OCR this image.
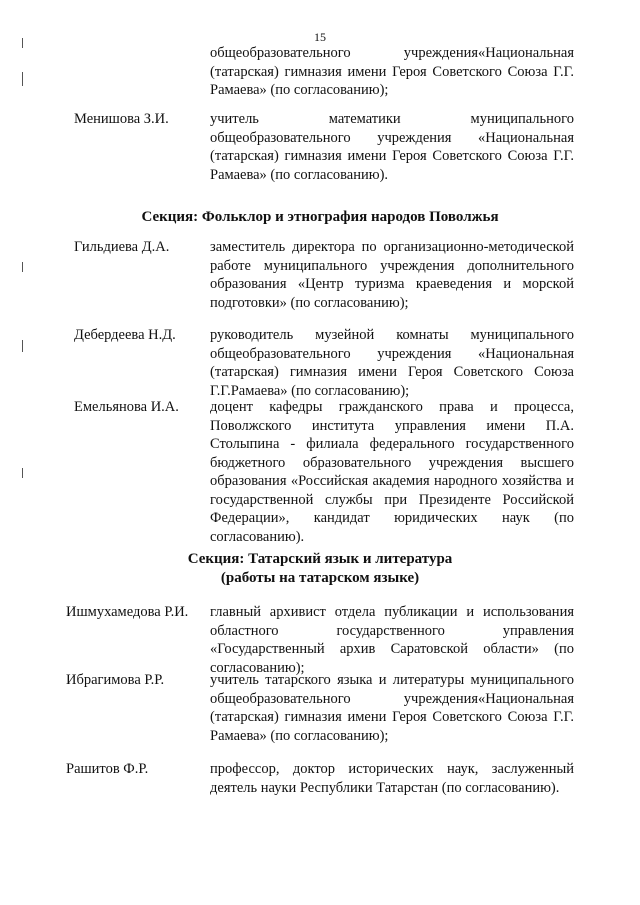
15
общеобразовательного учреждения«Национальная (татарская) гимназия имени Героя Советского Союза Г.Г. Рамаева» (по согласованию);
Менишова З.И.	учитель математики муниципального общеобразовательного учреждения «Национальная (татарская) гимназия имени Героя Советского Союза Г.Г. Рамаева» (по согласованию).
Секция: Фольклор и этнография народов Поволжья
Гильдиева Д.А.	заместитель директора по организационно-методической работе муниципального учреждения дополнительного образования «Центр туризма краеведения и морской подготовки» (по согласованию);
Дебердеева Н.Д. руководитель музейной комнаты муниципального общеобразовательного учреждения «Национальная (татарская) гимназия имени Героя Советского Союза Г.Г.Рамаева» (по согласованию);
Емельянова И.А. доцент кафедры гражданского права и процесса, Поволжского института управления имени П.А. Столыпина - филиала федерального государственного бюджетного образовательного учреждения высшего образования «Российская академия народного хозяйства и государственной службы при Президенте Российской Федерации», кандидат юридических наук (по согласованию).
Секция: Татарский язык и литература
(работы на татарском языке)
Ишмухамедова Р.И. главный архивист отдела публикации и использования областного государственного управления «Государственный архив Саратовской области» (по согласованию);
Ибрагимова Р.Р.	учитель татарского языка и литературы муниципального общеобразовательного учреждения«Национальная (татарская) гимназия имени Героя Советского Союза Г.Г. Рамаева» (по согласованию);
Рашитов Ф.Р.	профессор, доктор исторических наук, заслуженный деятель науки Республики Татарстан (по согласованию).
